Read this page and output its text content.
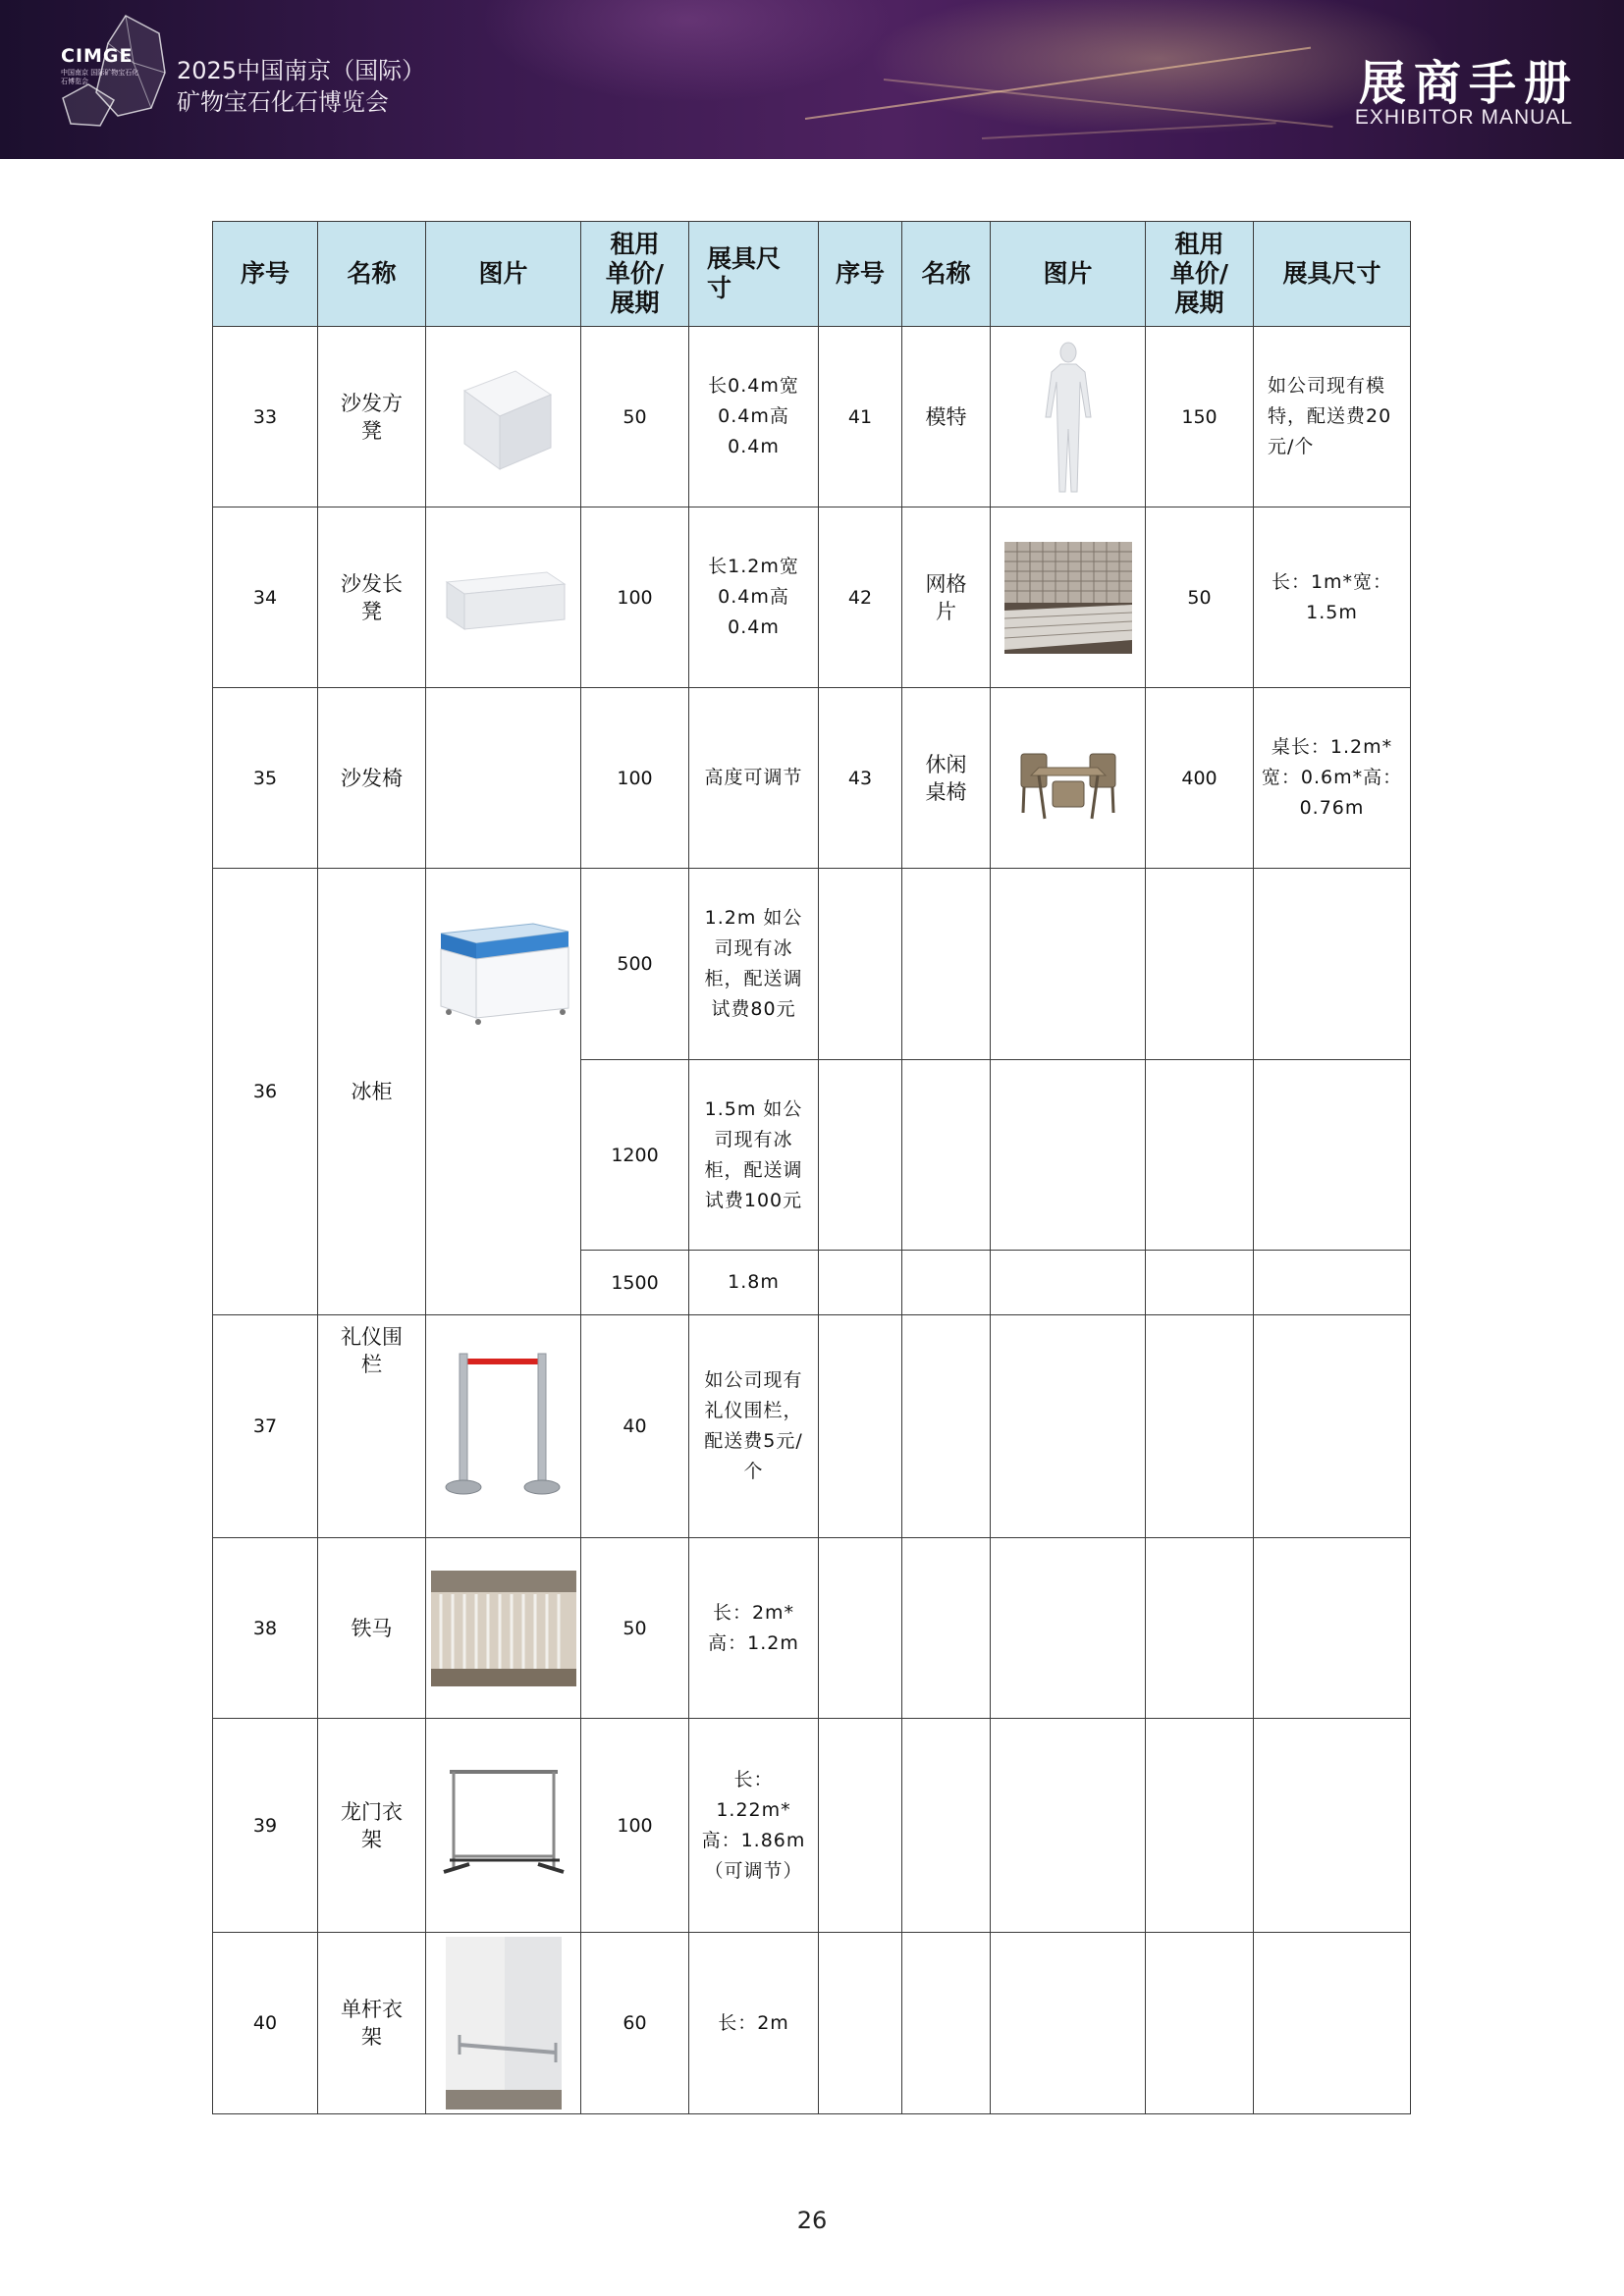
CIMGE
中国南京 国际矿物宝石化石博览会	2025中国南京（国际）
矿物宝石化石博览会	展商手册
EXHIBITOR MANUAL
序号	名称	图片	租用单价/展期	展具尺寸	序号	名称	图片	租用单价/展期	展具尺寸
33	沙发方凳		50	长0.4m宽0.4m高0.4m	41	模特		150	如公司现有模特，配送费20元/个
34	沙发长凳		100	长1.2m宽0.4m高0.4m	42	网格片		50	长：1m*宽：1.5m
35	沙发椅		100	高度可调节	43	休闲桌椅		400	桌长：1.2m*宽：0.6m*高：0.76m
36	冰柜		500	1.2m 如公司现有冰柜，配送调试费80元					
			1200	1.5m 如公司现有冰柜，配送调试费100元					
			1500	1.8m					
37	礼仪围栏		40	如公司现有礼仪围栏，配送费5元/个					
38	铁马		50	长：2m*高：1.2m					
39	龙门衣架		100	长：1.22m*高：1.86m（可调节）					
40	单杆衣架		60	长：2m					
26
